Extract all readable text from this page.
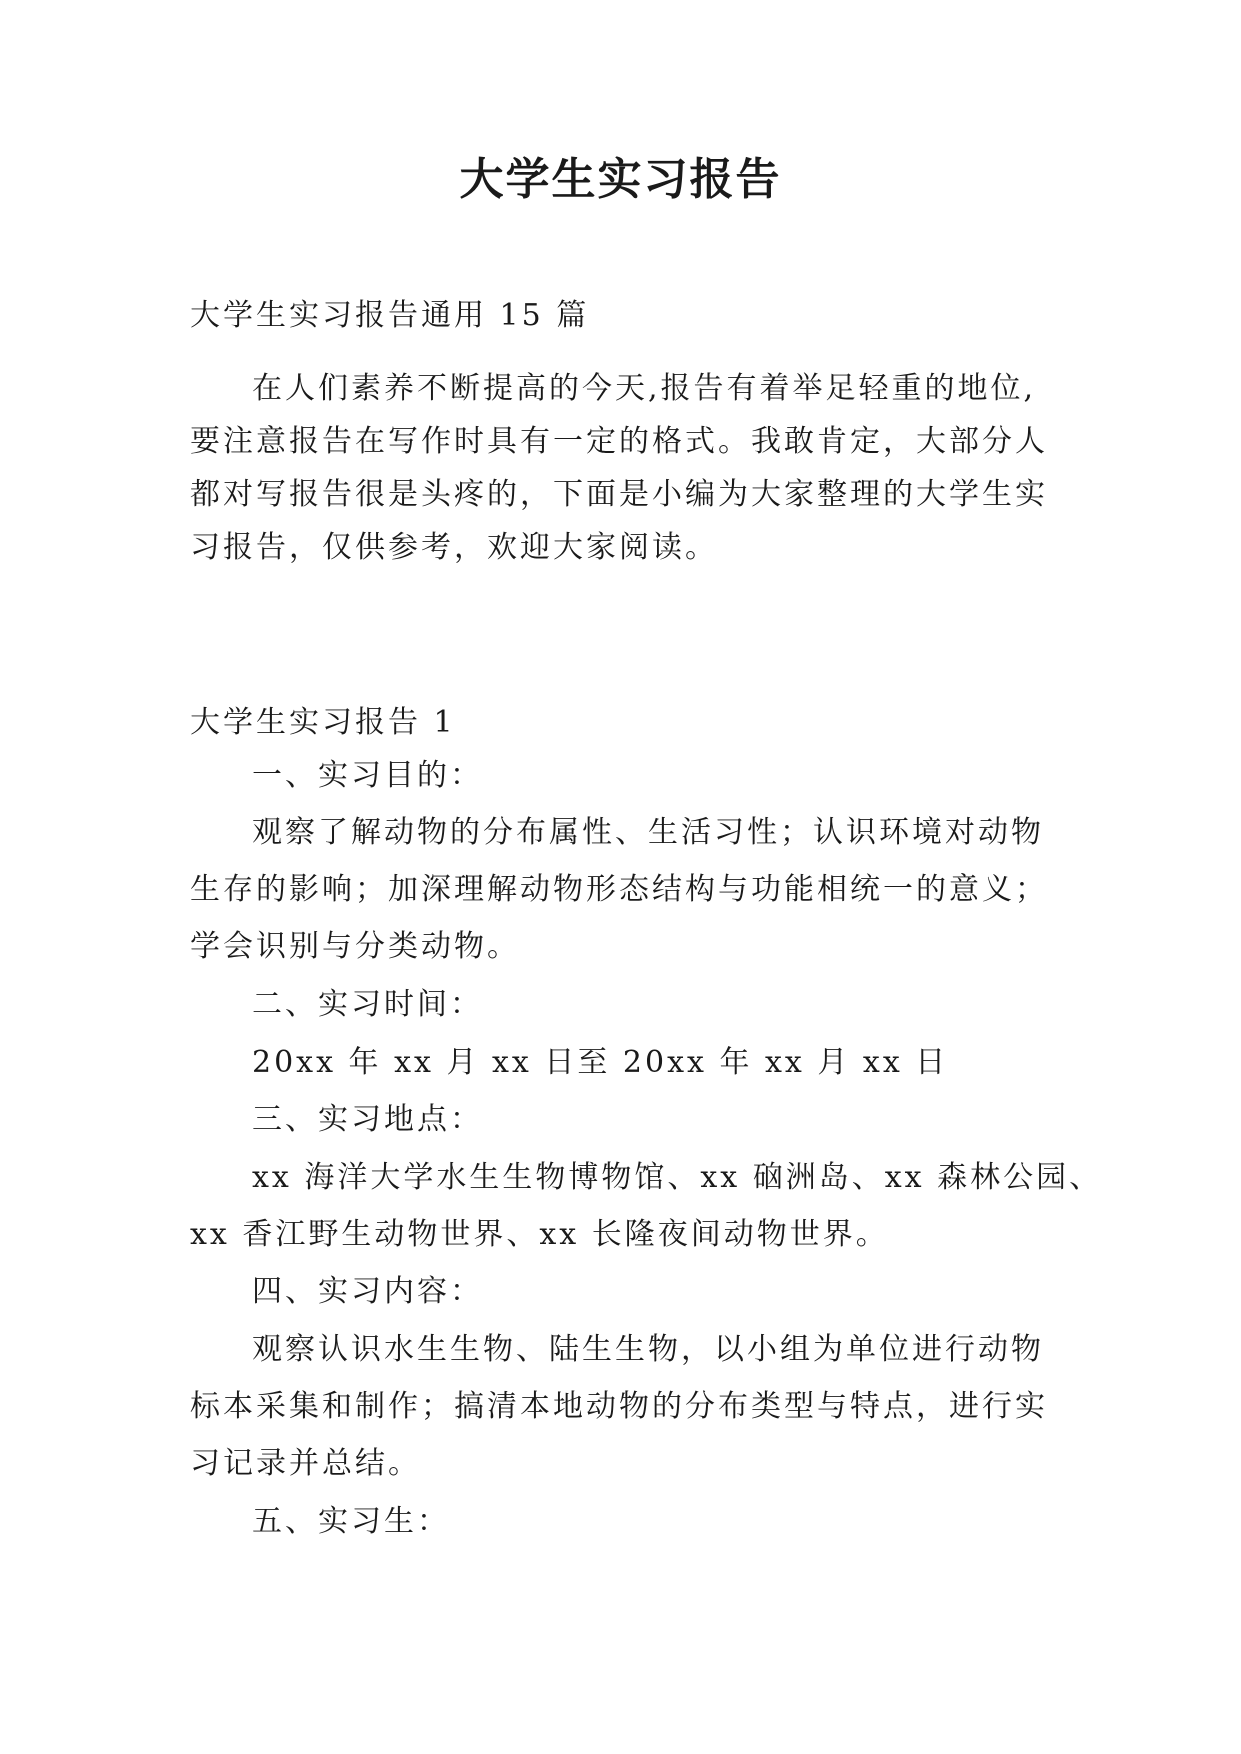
大学生实习报告
大学生实习报告通用 15 篇
在人们素养不断提高的今天,报告有着举足轻重的地位,
要注意报告在写作时具有一定的格式。我敢肯定，大部分人
都对写报告很是头疼的，下面是小编为大家整理的大学生实
习报告，仅供参考，欢迎大家阅读。
大学生实习报告 1
一、实习目的：
观察了解动物的分布属性、生活习性；认识环境对动物
生存的影响；加深理解动物形态结构与功能相统一的意义；
学会识别与分类动物。
二、实习时间：
20xx 年 xx 月 xx 日至 20xx 年 xx 月 xx 日
三、实习地点：
xx 海洋大学水生生物博物馆、xx 硇洲岛、xx 森林公园、
xx 香江野生动物世界、xx 长隆夜间动物世界。
四、实习内容：
观察认识水生生物、陆生生物，以小组为单位进行动物
标本采集和制作；搞清本地动物的分布类型与特点，进行实
习记录并总结。
五、实习生：
